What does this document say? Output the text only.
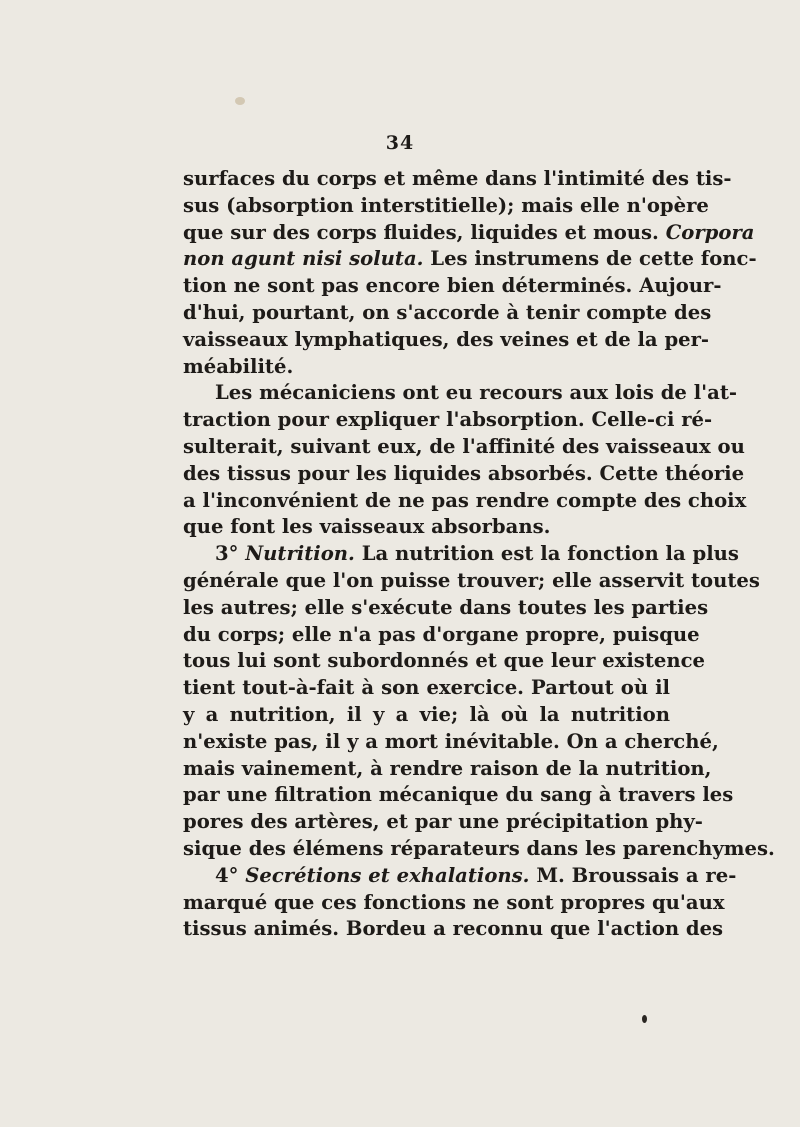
34
surfaces du corps et même dans l'intimité des tis-
sus (absorption interstitielle); mais elle n'opère
que sur des corps fluides, liquides et mous. Corpora
non agunt nisi soluta. Les instrumens de cette fonc-
tion ne sont pas encore bien déterminés. Aujour-
d'hui, pourtant, on s'accorde à tenir compte des
vaisseaux lymphatiques, des veines et de la per-
méabilité.
Les mécaniciens ont eu recours aux lois de l'at-
traction pour expliquer l'absorption. Celle-ci ré-
sulterait, suivant eux, de l'affinité des vaisseaux ou
des tissus pour les liquides absorbés. Cette théorie
a l'inconvénient de ne pas rendre compte des choix
que font les vaisseaux absorbans.
3° Nutrition. La nutrition est la fonction la plus
générale que l'on puisse trouver; elle asservit toutes
les autres; elle s'exécute dans toutes les parties
du corps; elle n'a pas d'organe propre, puisque
tous lui sont subordonnés et que leur existence
tient tout-à-fait à son exercice. Partout où il
y a nutrition, il y a vie; là où la nutrition
n'existe pas, il y a mort inévitable. On a cherché,
mais vainement, à rendre raison de la nutrition,
par une filtration mécanique du sang à travers les
pores des artères, et par une précipitation phy-
sique des élémens réparateurs dans les parenchymes.
4° Secrétions et exhalations. M. Broussais a re-
marqué que ces fonctions ne sont propres qu'aux
tissus animés. Bordeu a reconnu que l'action des
